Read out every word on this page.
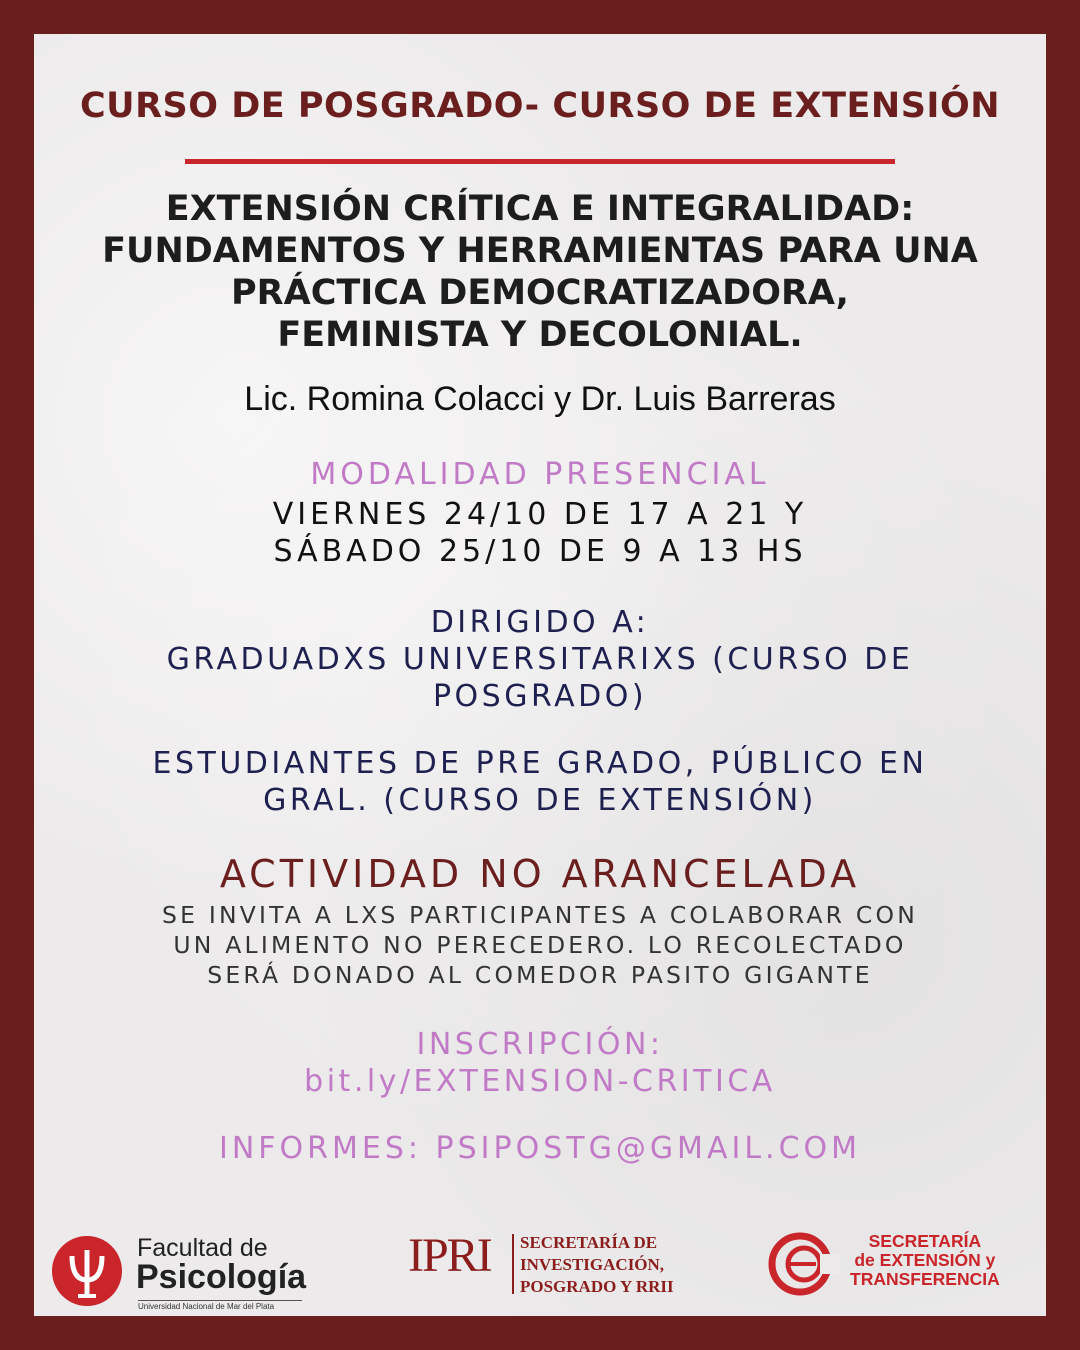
CURSO DE POSGRADO- CURSO DE EXTENSIÓN
EXTENSIÓN CRÍTICA E INTEGRALIDAD:
FUNDAMENTOS Y HERRAMIENTAS PARA UNA
PRÁCTICA DEMOCRATIZADORA,
FEMINISTA Y DECOLONIAL.
Lic. Romina Colacci y Dr. Luis Barreras
MODALIDAD PRESENCIAL
VIERNES 24/10 DE 17 A 21 Y
SÁBADO 25/10 DE 9 A 13 HS
DIRIGIDO A:
GRADUADXS UNIVERSITARIXS (CURSO DE
POSGRADO)
ESTUDIANTES DE PRE GRADO, PÚBLICO EN
GRAL. (CURSO DE EXTENSIÓN)
ACTIVIDAD NO ARANCELADA
SE INVITA A LXS PARTICIPANTES A COLABORAR CON
UN ALIMENTO NO PERECEDERO. LO RECOLECTADO
SERÁ DONADO AL COMEDOR PASITO GIGANTE
INSCRIPCIÓN:
bit.ly/EXTENSION-CRITICA
INFORMES: PSIPOSTG@GMAIL.COM
Facultad de
Psicología
Universidad Nacional de Mar del Plata
IPRI SECRETARÍA DE
INVESTIGACIÓN,
POSGRADO Y RRII
SECRETARÍA
de EXTENSIÓN y
TRANSFERENCIA
